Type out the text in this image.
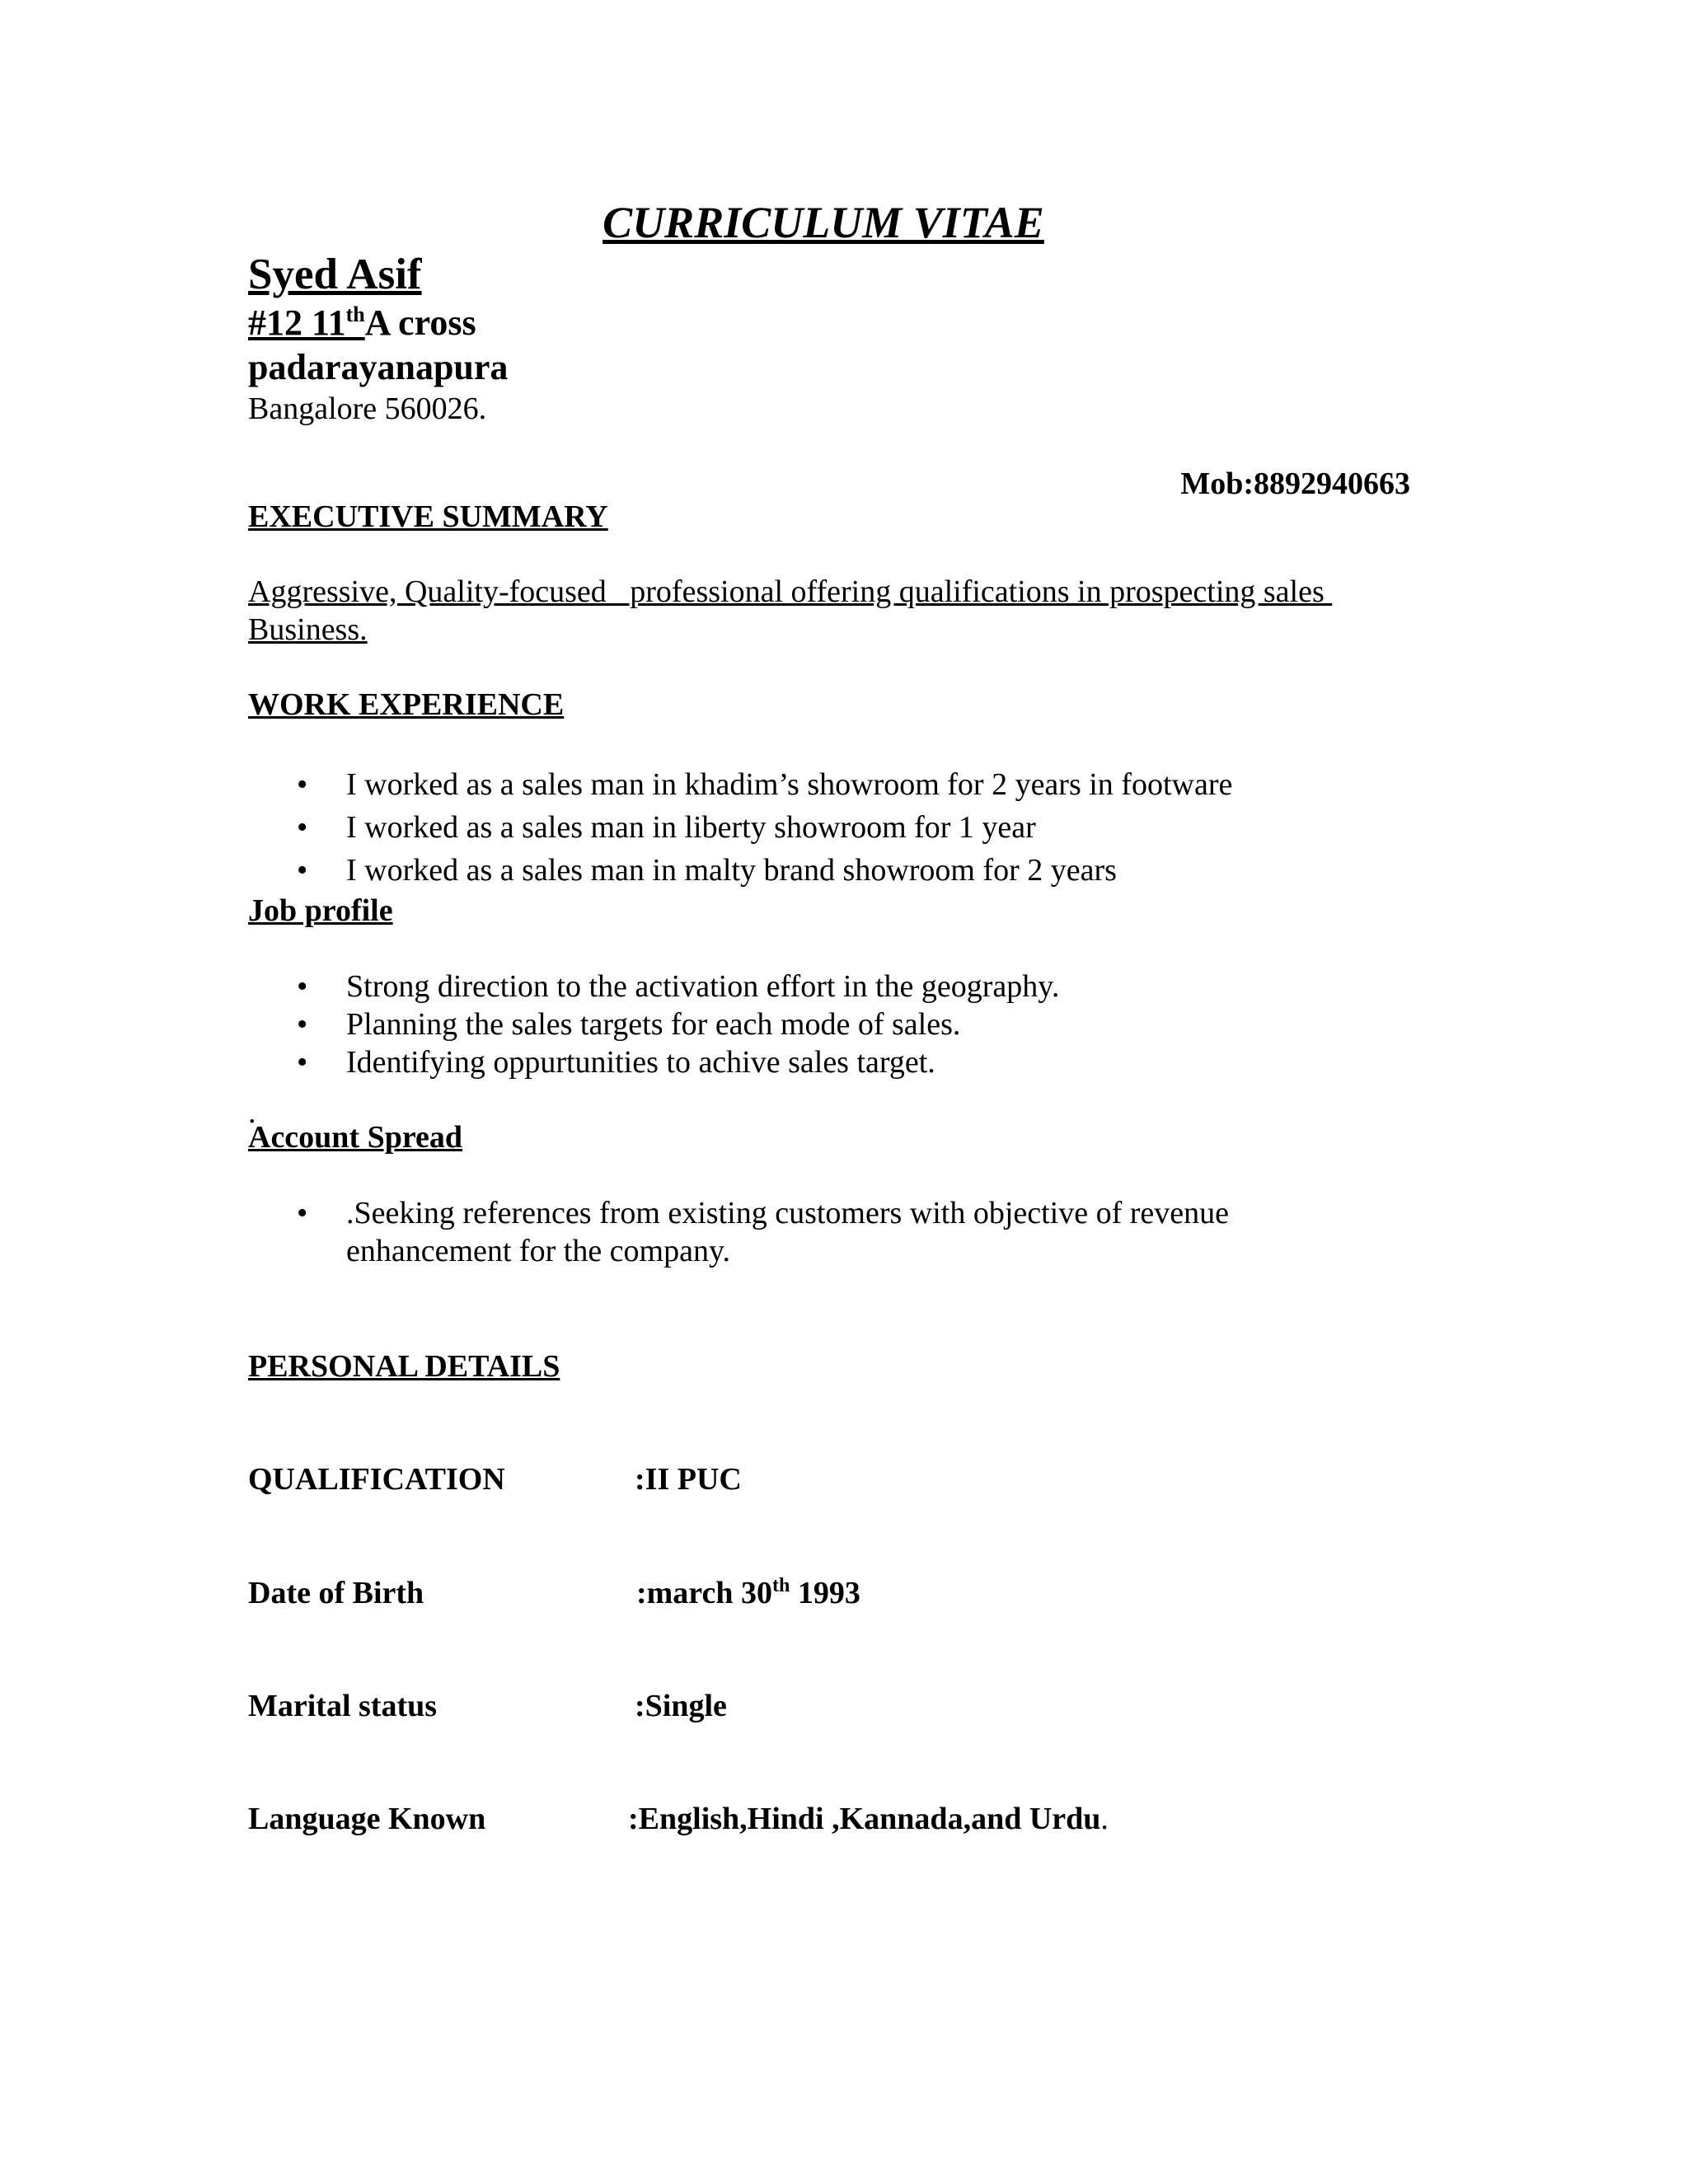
CURRICULUM VITAE
Syed Asif
#12 11thA cross
padarayanapura
Bangalore 560026.
Mob:8892940663
EXECUTIVE SUMMARY
Aggressive, Quality-focused   professional offering qualifications in prospecting sales Business.
WORK EXPERIENCE
• I worked as a sales man in khadim’s showroom for 2 years in footware
• I worked as a sales man in liberty showroom for 1 year
• I worked as a sales man in malty brand showroom for 2 years
Job profile
• Strong direction to the activation effort in the geography.
• Planning the sales targets for each mode of sales.
• Identifying oppurtunities to achive sales target.
.
Account Spread
• .Seeking references from existing customers with objective of revenue enhancement for the company.
PERSONAL DETAILS
QUALIFICATION	:II PUC
Date of Birth	:march 30th 1993
Marital status	:Single
Language Known	:English,Hindi ,Kannada,and Urdu.
